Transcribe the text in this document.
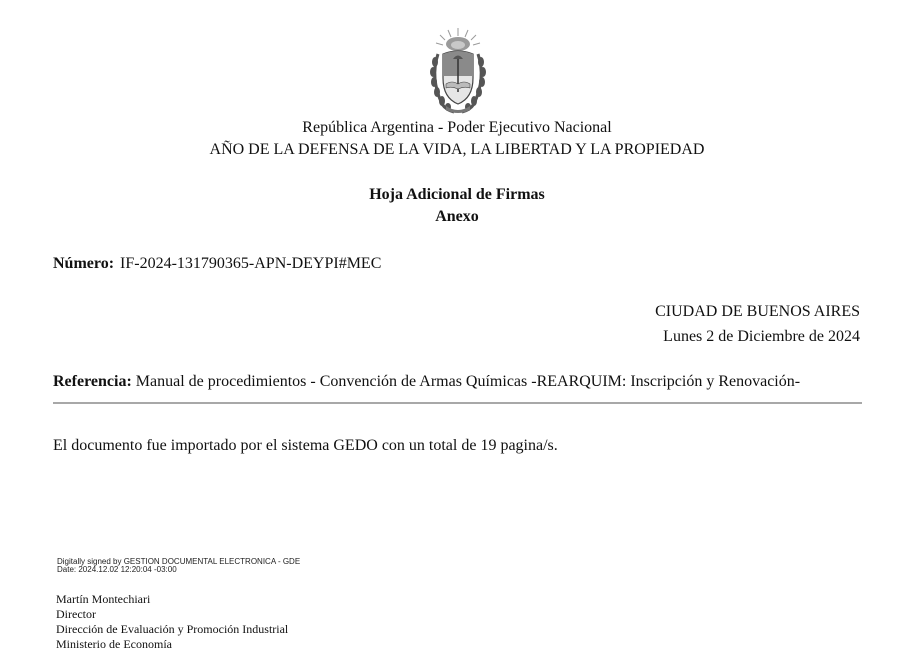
República Argentina - Poder Ejecutivo Nacional
AÑO DE LA DEFENSA DE LA VIDA, LA LIBERTAD Y LA PROPIEDAD
Hoja Adicional de Firmas
Anexo
Número: IF-2024-131790365-APN-DEYPI#MEC
CIUDAD DE BUENOS AIRES
Lunes 2 de Diciembre de 2024
Referencia: Manual de procedimientos - Convención de Armas Químicas -REARQUIM: Inscripción y Renovación-
El documento fue importado por el sistema GEDO con un total de 19 pagina/s.
Digitally signed by GESTION DOCUMENTAL ELECTRONICA - GDE
Date: 2024.12.02 12:20:04 -03:00
Martín Montechiari
Director
Dirección de Evaluación y Promoción Industrial
Ministerio de Economía
